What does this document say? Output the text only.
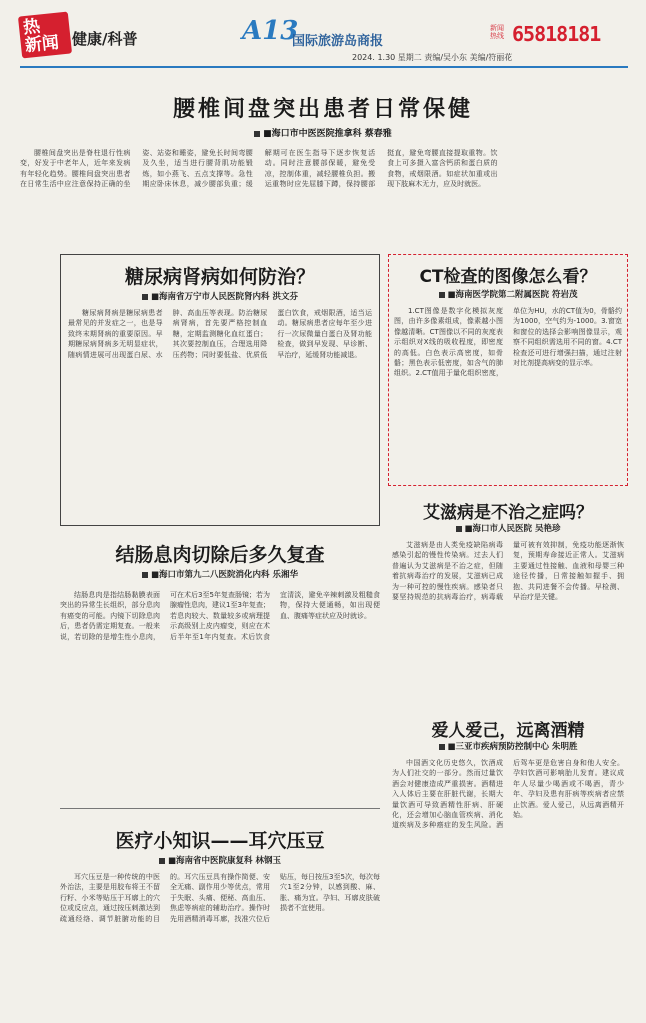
热
新闻 健康/科普	A13
国际旅游岛商报
新闻热线 65818181
2024. 1.30 星期二 责编/吴小东 美编/符丽花
腰椎间盘突出患者日常保健
■海口市中医医院推拿科 蔡春雅

腰椎间盘突出是脊柱退行性病变，好发于中老年人，近年来发病有年轻化趋势。腰椎间盘突出患者在日常生活中应注意保持正确的坐姿、站姿和睡姿，避免长时间弯腰及久坐，适当进行腰背肌功能锻炼，如小燕飞、五点支撑等。急性期应卧床休息，减少腰部负重；缓解期可在医生指导下逐步恢复活动。同时注意腰部保暖，避免受凉，控制体重，减轻腰椎负担。搬运重物时应先屈膝下蹲，保持腰部挺直，避免弯腰直接提取重物。饮食上可多摄入富含钙质和蛋白质的食物，戒烟限酒。如症状加重或出现下肢麻木无力，应及时就医。

糖尿病肾病如何防治？
■海南省万宁市人民医院肾内科 洪文芬

糖尿病肾病是糖尿病患者最常见的并发症之一，也是导致终末期肾病的重要原因。早期糖尿病肾病多无明显症状，随病情进展可出现蛋白尿、水肿、高血压等表现。防治糖尿病肾病，首先要严格控制血糖，定期监测糖化血红蛋白；其次要控制血压，合理选用降压药物；同时要低盐、优质低蛋白饮食，戒烟限酒，适当运动。糖尿病患者应每年至少进行一次尿微量白蛋白及肾功能检查，做到早发现、早诊断、早治疗，延缓肾功能减退。

结肠息肉切除后多久复查
■海口市第九二八医院消化内科 乐湘华

结肠息肉是指结肠黏膜表面突出的异常生长组织，部分息肉有癌变的可能。内镜下切除息肉后，患者仍需定期复查。一般来说，若切除的是增生性小息肉，可在术后3至5年复查肠镜；若为腺瘤性息肉，建议1至3年复查；若息肉较大、数量较多或病理提示高级别上皮内瘤变，则应在术后半年至1年内复查。术后饮食宜清淡，避免辛辣刺激及粗糙食物，保持大便通畅，如出现便血、腹痛等症状应及时就诊。

医疗小知识——耳穴压豆
■海南省中医院康复科 林钢玉

耳穴压豆是一种传统的中医外治法，主要是用胶布将王不留行籽、小米等贴压于耳廓上的穴位或反应点，通过按压刺激达到疏通经络、调节脏腑功能的目的。耳穴压豆具有操作简便、安全无痛、副作用少等优点，常用于失眠、头痛、便秘、高血压、焦虑等病症的辅助治疗。操作时先用酒精消毒耳廓，找准穴位后贴压，每日按压3至5次，每次每穴1至2分钟，以感到酸、麻、胀、痛为宜。孕妇、耳廓皮肤破损者不宜使用。

CT检查的图像怎么看？
■海南医学院第二附属医院 符岩茂

1.CT图像是数字化模拟灰度图，由许多像素组成，像素越小图像越清晰。CT图像以不同的灰度表示组织对X线的吸收程度，即密度的高低。白色表示高密度，如骨骼；黑色表示低密度，如含气的肺组织。2.CT值用于量化组织密度，单位为HU，水的CT值为0，骨骼约为1000，空气约为-1000。3.窗宽和窗位的选择会影响图像显示，观察不同组织需选用不同的窗。4.CT检查还可进行增强扫描，通过注射对比剂提高病变的显示率。

艾滋病是不治之症吗？
■海口市人民医院 吴艳珍

艾滋病是由人类免疫缺陷病毒感染引起的慢性传染病。过去人们普遍认为艾滋病是不治之症，但随着抗病毒治疗的发展，艾滋病已成为一种可控的慢性疾病。感染者只要坚持规范的抗病毒治疗，病毒载量可被有效抑制，免疫功能逐渐恢复，预期寿命接近正常人。艾滋病主要通过性接触、血液和母婴三种途径传播，日常接触如握手、拥抱、共同进餐不会传播。早检测、早治疗是关键。

爱人爱己，远离酒精
■三亚市疾病预防控制中心 朱明胜

中国酒文化历史悠久，饮酒成为人们社交的一部分。然而过量饮酒会对健康造成严重损害。酒精进入人体后主要在肝脏代谢，长期大量饮酒可导致酒精性肝病、肝硬化，还会增加心脑血管疾病、消化道疾病及多种癌症的发生风险。酒后驾车更是危害自身和他人安全。孕妇饮酒可影响胎儿发育。建议成年人尽量少喝酒或不喝酒，青少年、孕妇及患有肝病等疾病者应禁止饮酒。爱人爱己，从远离酒精开始。
